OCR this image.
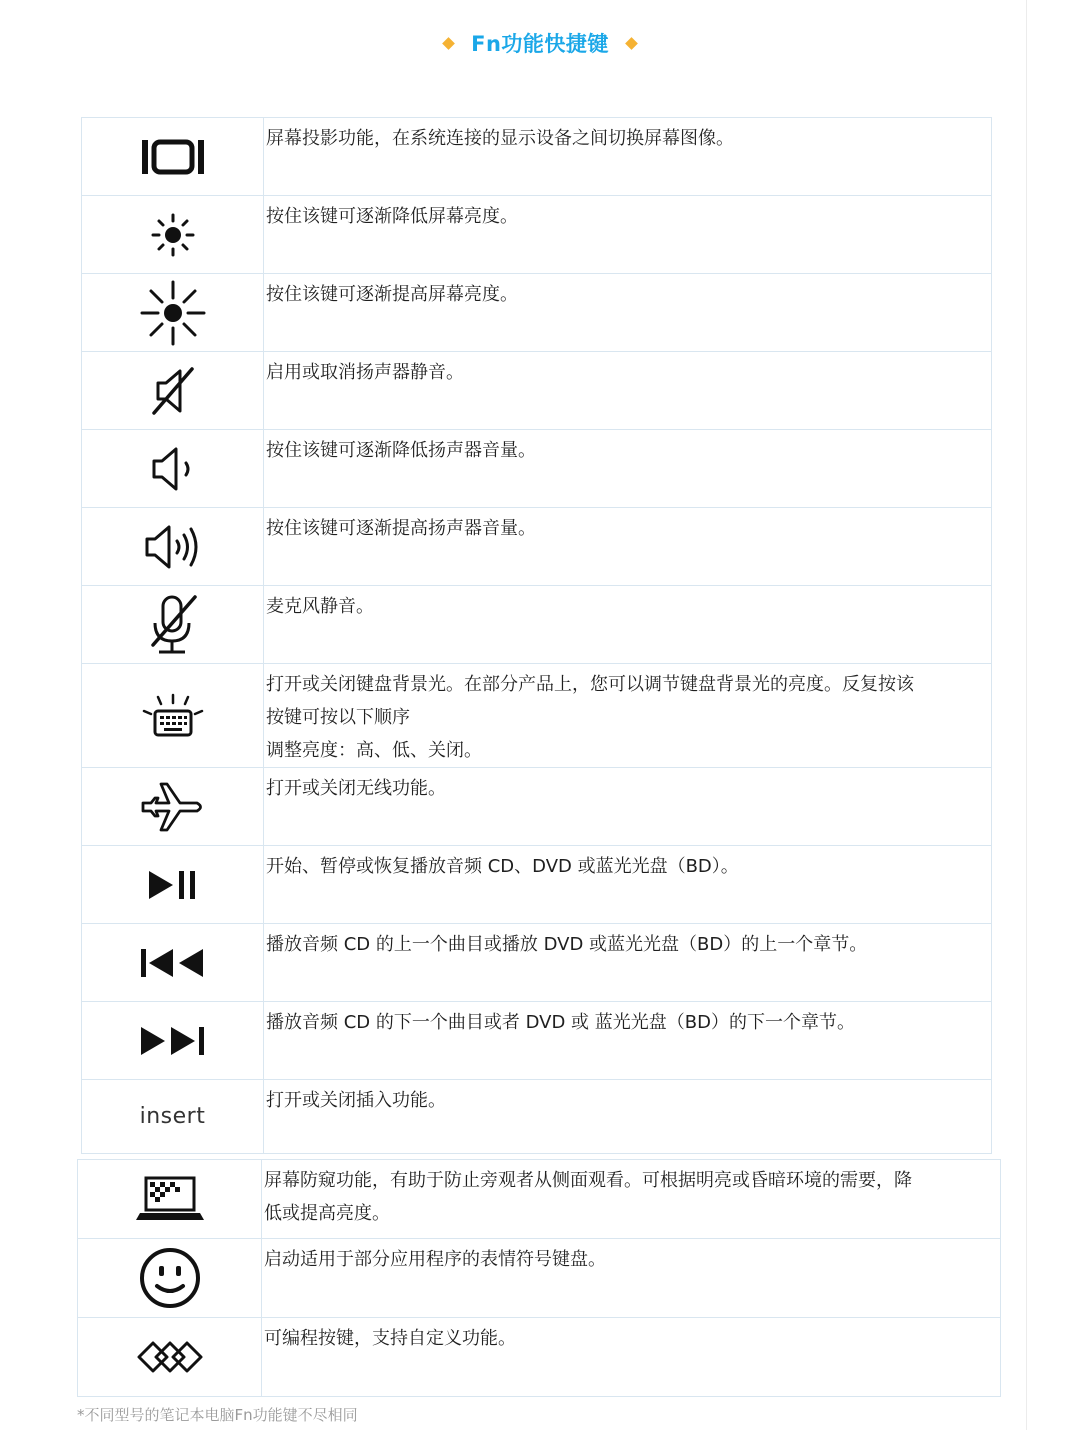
Fn功能快捷键
	屏幕投影功能，在系统连接的显示设备之间切换屏幕图像。
	按住该键可逐渐降低屏幕亮度。
	按住该键可逐渐提高屏幕亮度。
	启用或取消扬声器静音。
	按住该键可逐渐降低扬声器音量。
	按住该键可逐渐提高扬声器音量。
	麦克风静音。

打开或关闭键盘背景光。在部分产品上，您可以调节键盘背景光的亮度。反复按该
按键可按以下顺序
调整亮度：高、低、关闭。

	打开或关闭无线功能。
	开始、暂停或恢复播放音频 CD、DVD 或蓝光光盘（BD）。
	播放音频 CD 的上一个曲目或播放 DVD 或蓝光光盘（BD）的上一个章节。
	播放音频 CD 的下一个曲目或者 DVD 或 蓝光光盘（BD）的下一个章节。
insert	打开或关闭插入功能。

屏幕防窥功能，有助于防止旁观者从侧面观看。可根据明亮或昏暗环境的需要，降
低或提高亮度。

	启动适用于部分应用程序的表情符号键盘。
	可编程按键，支持自定义功能。
*不同型号的笔记本电脑Fn功能键不尽相同
